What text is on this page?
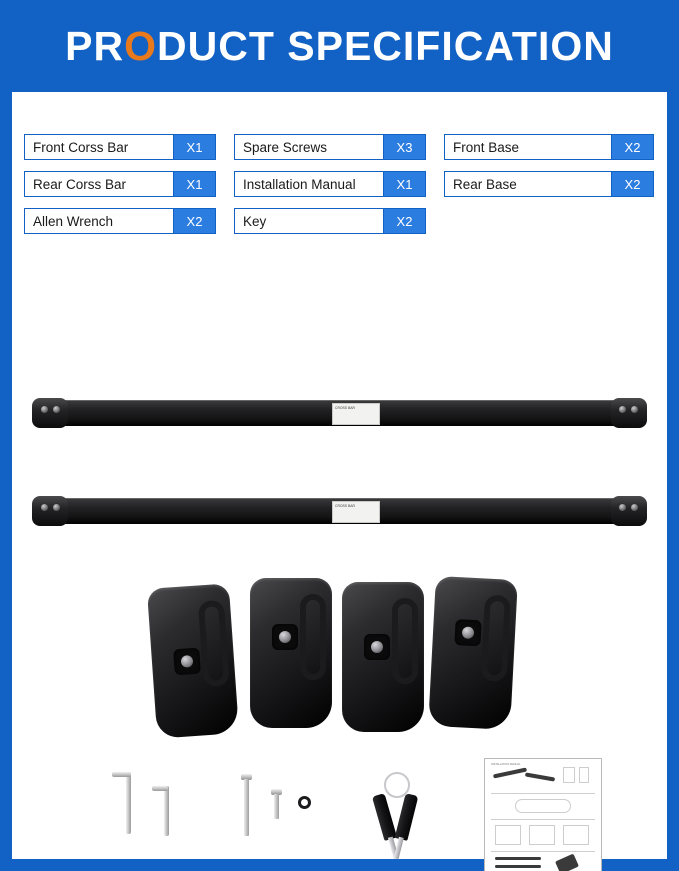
PRODUCT SPECIFICATION
Front Corss Bar	X1	Spare Screws	X3	Front Base	X2
Rear Corss Bar	X1	Installation Manual	X1	Rear Base	X2
Allen Wrench	X2	Key	X2
CROSS BAR
CROSS BAR
INSTALLATION MANUAL
